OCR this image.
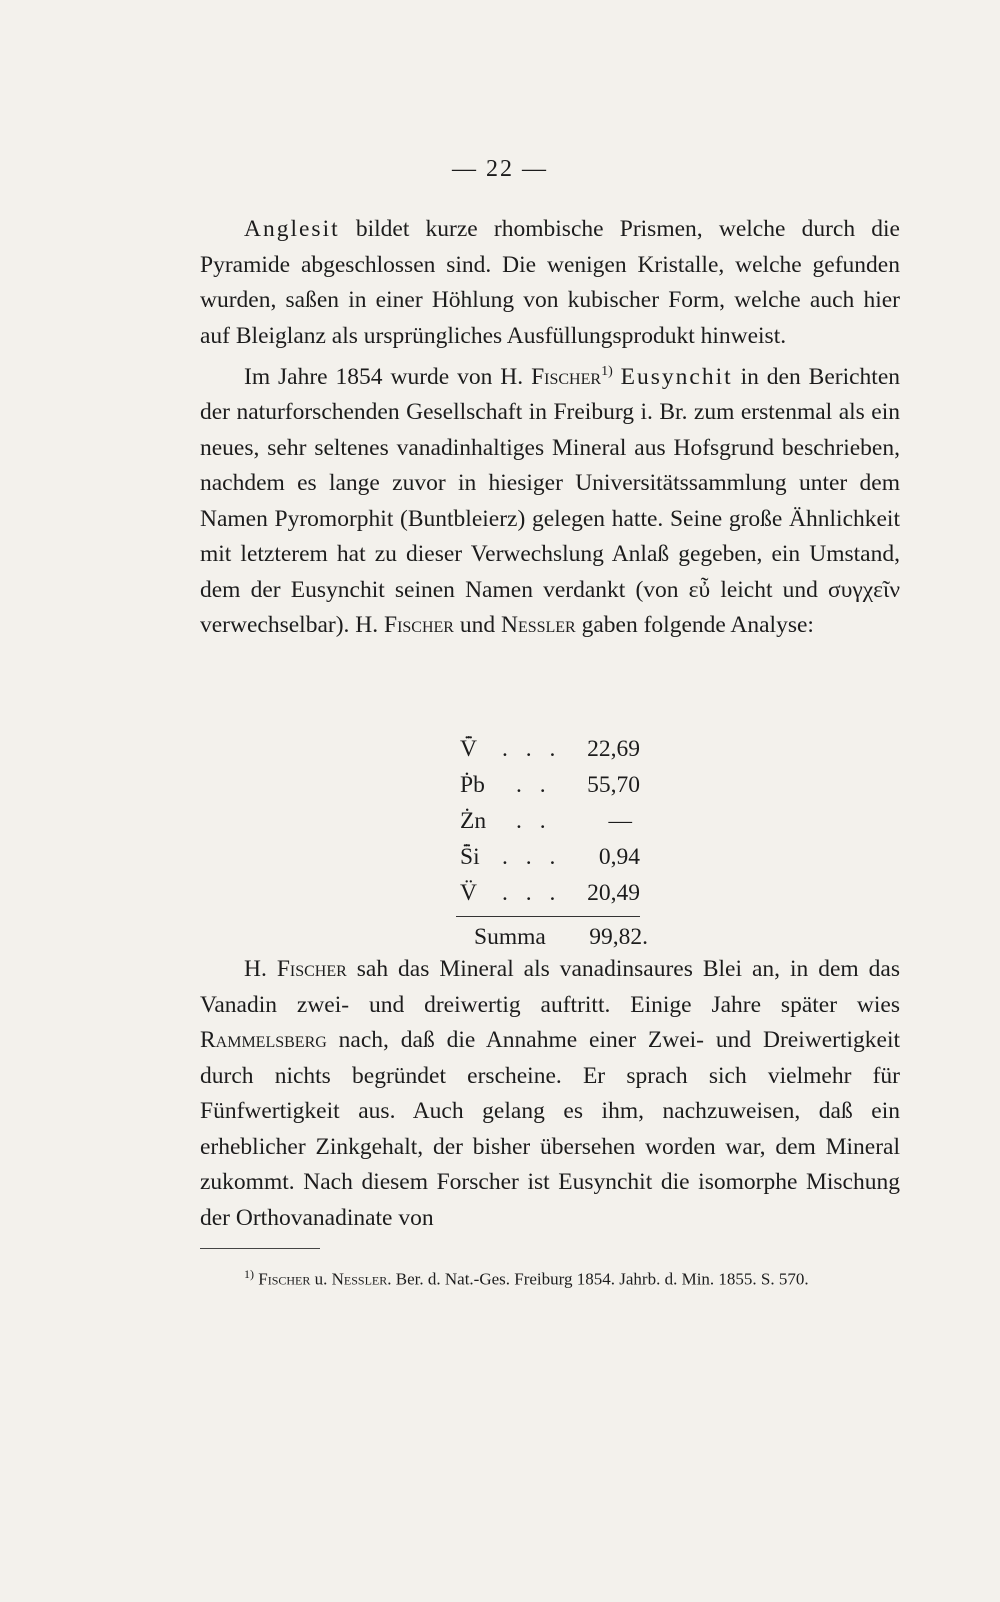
— 22 —

Anglesit bildet kurze rhombische Prismen, welche durch die Pyramide abgeschlossen sind. Die wenigen Kristalle, welche gefunden wurden, saßen in einer Höhlung von kubischer Form, welche auch hier auf Bleiglanz als ursprüngliches Ausfüllungsprodukt hinweist.

Im Jahre 1854 wurde von H. Fischer$^{1)}$ Eusynchit in den Berichten der naturforschenden Gesellschaft in Freiburg i. Br. zum erstenmal als ein neues, sehr seltenes vanadinhaltiges Mineral aus Hofsgrund beschrieben, nachdem es lange zuvor in hiesiger Universitätssammlung unter dem Namen Pyromorphit (Buntbleierz) gelegen hatte. Seine große Ähnlichkeit mit letzterem hat zu dieser Verwechslung Anlaß gegeben, ein Umstand, dem der Eusynchit seinen Namen verdankt (von εὖ leicht und συγχεῖν verwechselbar). H. Fischer und Nessler gaben folgende Analyse:

V̈̇ . . . 22,69
Ṗb . . 55,70
Żn . . —
S̈̇i . . . 0,94
V̈ . . . 20,49
Summa 99,82.

H. Fischer sah das Mineral als vanadinsaures Blei an, in dem das Vanadin zwei- und dreiwertig auftritt. Einige Jahre später wies Rammelsberg nach, daß die Annahme einer Zwei- und Dreiwertigkeit durch nichts begründet erscheine. Er sprach sich vielmehr für Fünfwertigkeit aus. Auch gelang es ihm, nachzuweisen, daß ein erheblicher Zinkgehalt, der bisher übersehen worden war, dem Mineral zukommt. Nach diesem Forscher ist Eusynchit die isomorphe Mischung der Orthovanadinate von

$^{1)}$ Fischer u. Nessler. Ber. d. Nat.-Ges. Freiburg 1854. Jahrb. d. Min. 1855. S. 570.
